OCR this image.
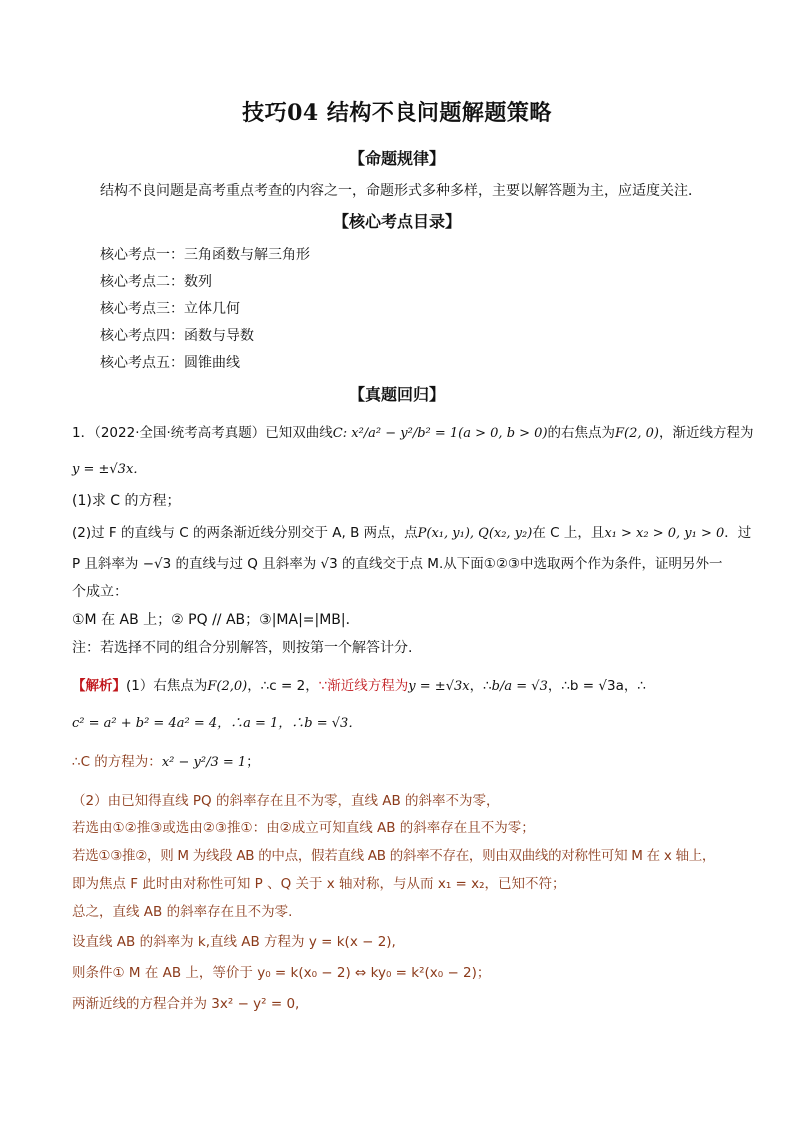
技巧04 结构不良问题解题策略
【命题规律】
结构不良问题是高考重点考查的内容之一，命题形式多种多样，主要以解答题为主，应适度关注．
【核心考点目录】
核心考点一：三角函数与解三角形
核心考点二：数列
核心考点三：立体几何
核心考点四：函数与导数
核心考点五：圆锥曲线
【真题回归】
1．（2022·全国·统考高考真题）已知双曲线C: x²/a² − y²/b² = 1(a > 0, b > 0)的右焦点为F(2, 0)，渐近线方程为
y = ±√3x．
(1)求 C 的方程；
(2)过 F 的直线与 C 的两条渐近线分别交于 A, B 两点，点P(x₁, y₁), Q(x₂, y₂)在 C 上，且x₁ > x₂ > 0, y₁ > 0．过
P 且斜率为 −√3 的直线与过 Q 且斜率为 √3 的直线交于点 M.从下面①②③中选取两个作为条件，证明另外一
个成立：
①M 在 AB 上；② PQ // AB；③|MA|=|MB|．
注：若选择不同的组合分别解答，则按第一个解答计分.
【解析】(1）右焦点为F(2,0)，∴c = 2，∵渐近线方程为y = ±√3x，∴b/a = √3，∴b = √3a，∴
c² = a² + b² = 4a² = 4，∴a = 1，∴b = √3．
∴C 的方程为：x² − y²/3 = 1；
（2）由已知得直线 PQ 的斜率存在且不为零，直线 AB 的斜率不为零，
若选由①②推③或选由②③推①：由②成立可知直线 AB 的斜率存在且不为零；
若选①③推②，则 M 为线段 AB 的中点，假若直线 AB 的斜率不存在，则由双曲线的对称性可知 M 在 x 轴上，
即为焦点 F 此时由对称性可知 P 、Q 关于 x 轴对称，与从而 x₁ = x₂，已知不符；
总之，直线 AB 的斜率存在且不为零.
设直线 AB 的斜率为 k,直线 AB 方程为 y = k(x − 2),
则条件① M 在 AB 上，等价于 y₀ = k(x₀ − 2) ⇔ ky₀ = k²(x₀ − 2)；
两渐近线的方程合并为 3x² − y² = 0,
